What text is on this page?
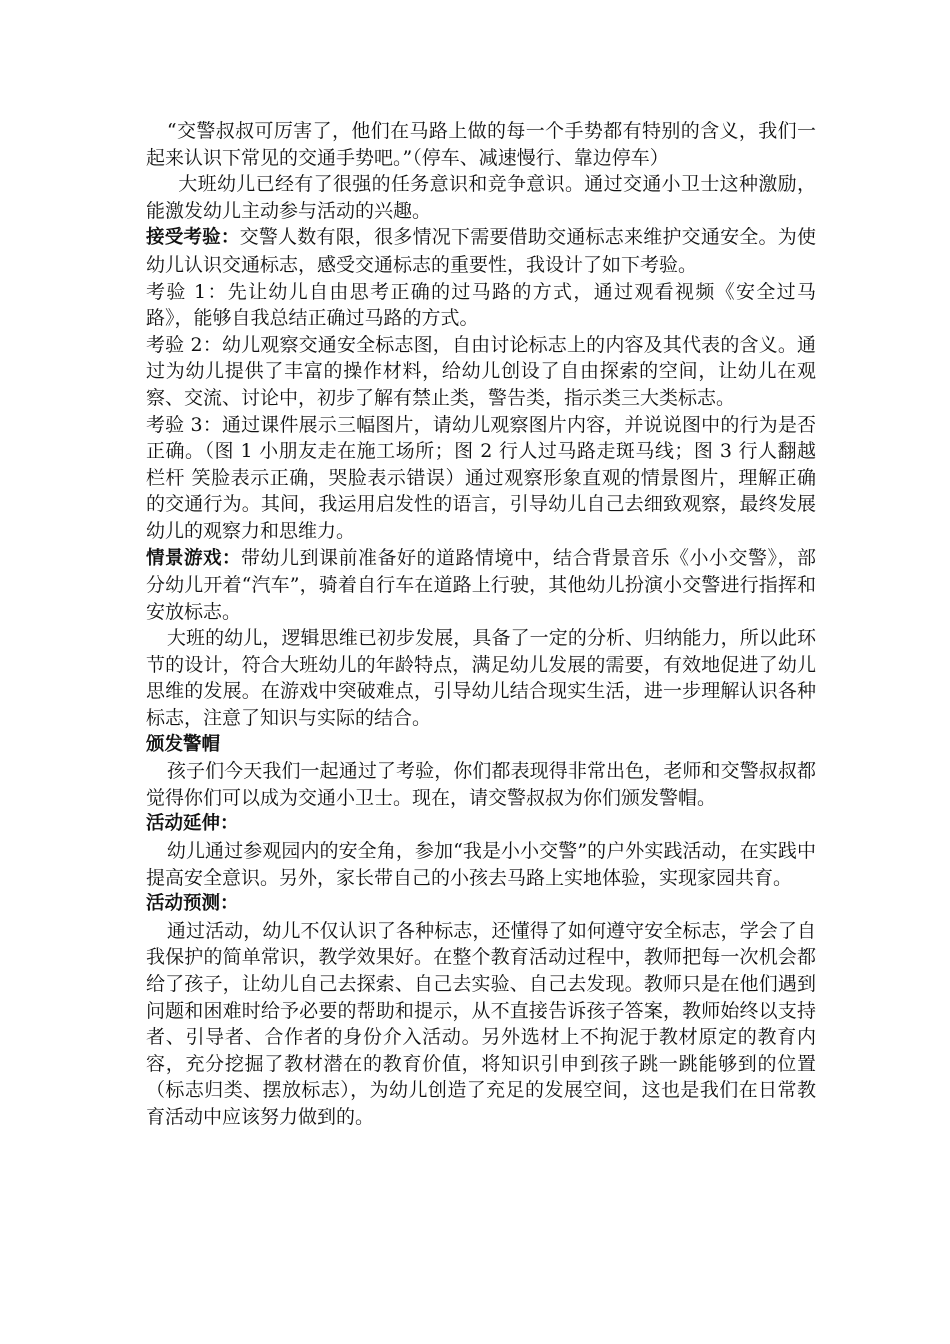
“交警叔叔可厉害了，他们在马路上做的每一个手势都有特别的含义，我们一起来认识下常见的交通手势吧。”（停车、减速慢行、靠边停车）

大班幼儿已经有了很强的任务意识和竞争意识。通过交通小卫士这种激励，能激发幼儿主动参与活动的兴趣。

接受考验：交警人数有限，很多情况下需要借助交通标志来维护交通安全。为使幼儿认识交通标志，感受交通标志的重要性，我设计了如下考验。

考验 1：先让幼儿自由思考正确的过马路的方式，通过观看视频《安全过马路》，能够自我总结正确过马路的方式。

考验 2：幼儿观察交通安全标志图，自由讨论标志上的内容及其代表的含义。通过为幼儿提供了丰富的操作材料，给幼儿创设了自由探索的空间，让幼儿在观察、交流、讨论中，初步了解有禁止类，警告类，指示类三大类标志。

考验 3：通过课件展示三幅图片，请幼儿观察图片内容，并说说图中的行为是否正确。（图 1 小朋友走在施工场所；图 2 行人过马路走斑马线；图 3 行人翻越栏杆 笑脸表示正确，哭脸表示错误）通过观察形象直观的情景图片，理解正确的交通行为。其间，我运用启发性的语言，引导幼儿自己去细致观察，最终发展幼儿的观察力和思维力。

情景游戏：带幼儿到课前准备好的道路情境中，结合背景音乐《小小交警》，部分幼儿开着“汽车”，骑着自行车在道路上行驶，其他幼儿扮演小交警进行指挥和安放标志。

大班的幼儿，逻辑思维已初步发展，具备了一定的分析、归纳能力，所以此环节的设计，符合大班幼儿的年龄特点，满足幼儿发展的需要，有效地促进了幼儿思维的发展。在游戏中突破难点，引导幼儿结合现实生活，进一步理解认识各种标志，注意了知识与实际的结合。

颁发警帽

孩子们今天我们一起通过了考验，你们都表现得非常出色，老师和交警叔叔都觉得你们可以成为交通小卫士。现在，请交警叔叔为你们颁发警帽。

活动延伸：

幼儿通过参观园内的安全角，参加“我是小小交警”的户外实践活动，在实践中提高安全意识。另外，家长带自己的小孩去马路上实地体验，实现家园共育。

活动预测：

通过活动，幼儿不仅认识了各种标志，还懂得了如何遵守安全标志，学会了自我保护的简单常识，教学效果好。在整个教育活动过程中，教师把每一次机会都给了孩子，让幼儿自己去探索、自己去实验、自己去发现。教师只是在他们遇到问题和困难时给予必要的帮助和提示，从不直接告诉孩子答案，教师始终以支持者、引导者、合作者的身份介入活动。另外选材上不拘泥于教材原定的教育内容，充分挖掘了教材潜在的教育价值，将知识引申到孩子跳一跳能够到的位置（标志归类、摆放标志），为幼儿创造了充足的发展空间，这也是我们在日常教育活动中应该努力做到的。
